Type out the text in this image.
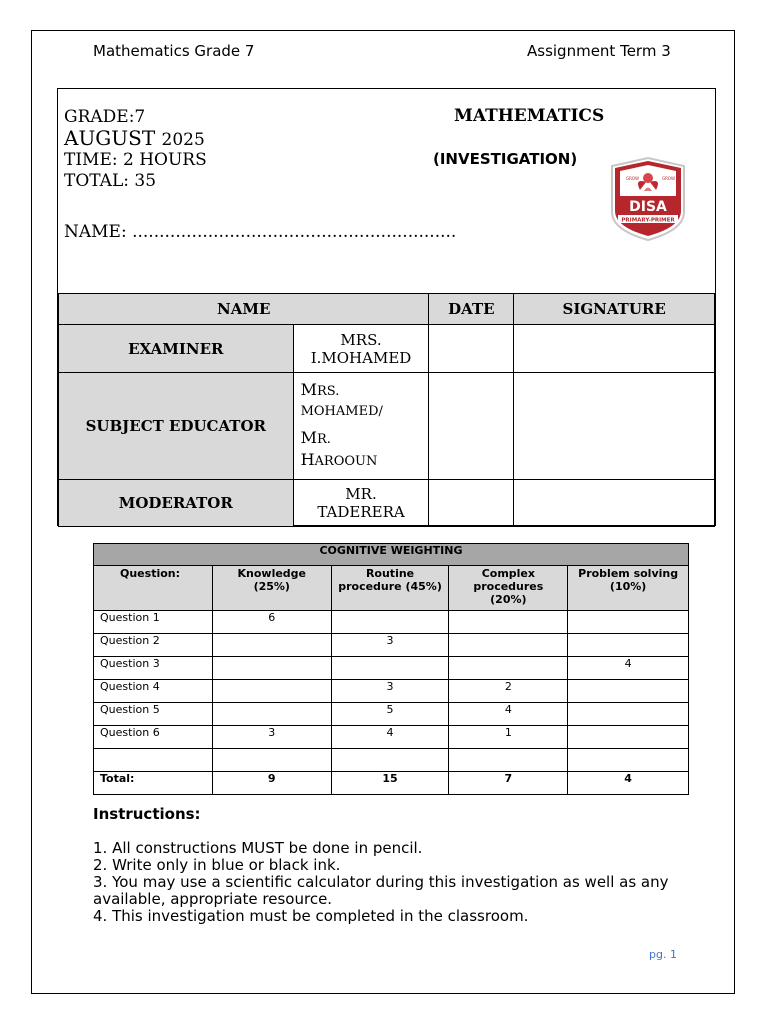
Mathematics Grade 7	Assignment Term 3
GRADE:7
AUGUST 2025
TIME: 2 HOURS
TOTAL: 35
NAME: ............................................................
MATHEMATICS
(INVESTIGATION)
GROW	GROW
DISA
PRIMARY-PRIMER
NAME		DATE	SIGNATURE
EXAMINER	MRS.
I.MOHAMED		

SUBJECT EDUCATOR	MRS.
MOHAMED/
MR.
HAROOUN		

MODERATOR	MR.
TADERERA		

COGNITIVE WEIGHTING				
Question:	Knowledge (25%)	Routine procedure (45%)	Complex procedures (20%)	Problem solving (10%)
Question 1	6			
Question 2		3		
Question 3				4
Question 4		3	2	
Question 5		5	4	
Question 6	3	4	1	

Total:	9	15	7	4
Instructions:
1. All constructions MUST be done in pencil.
2. Write only in blue or black ink.
3. You may use a scientific calculator during this investigation as well as any available, appropriate resource.
4. This investigation must be completed in the classroom.
pg. 1
